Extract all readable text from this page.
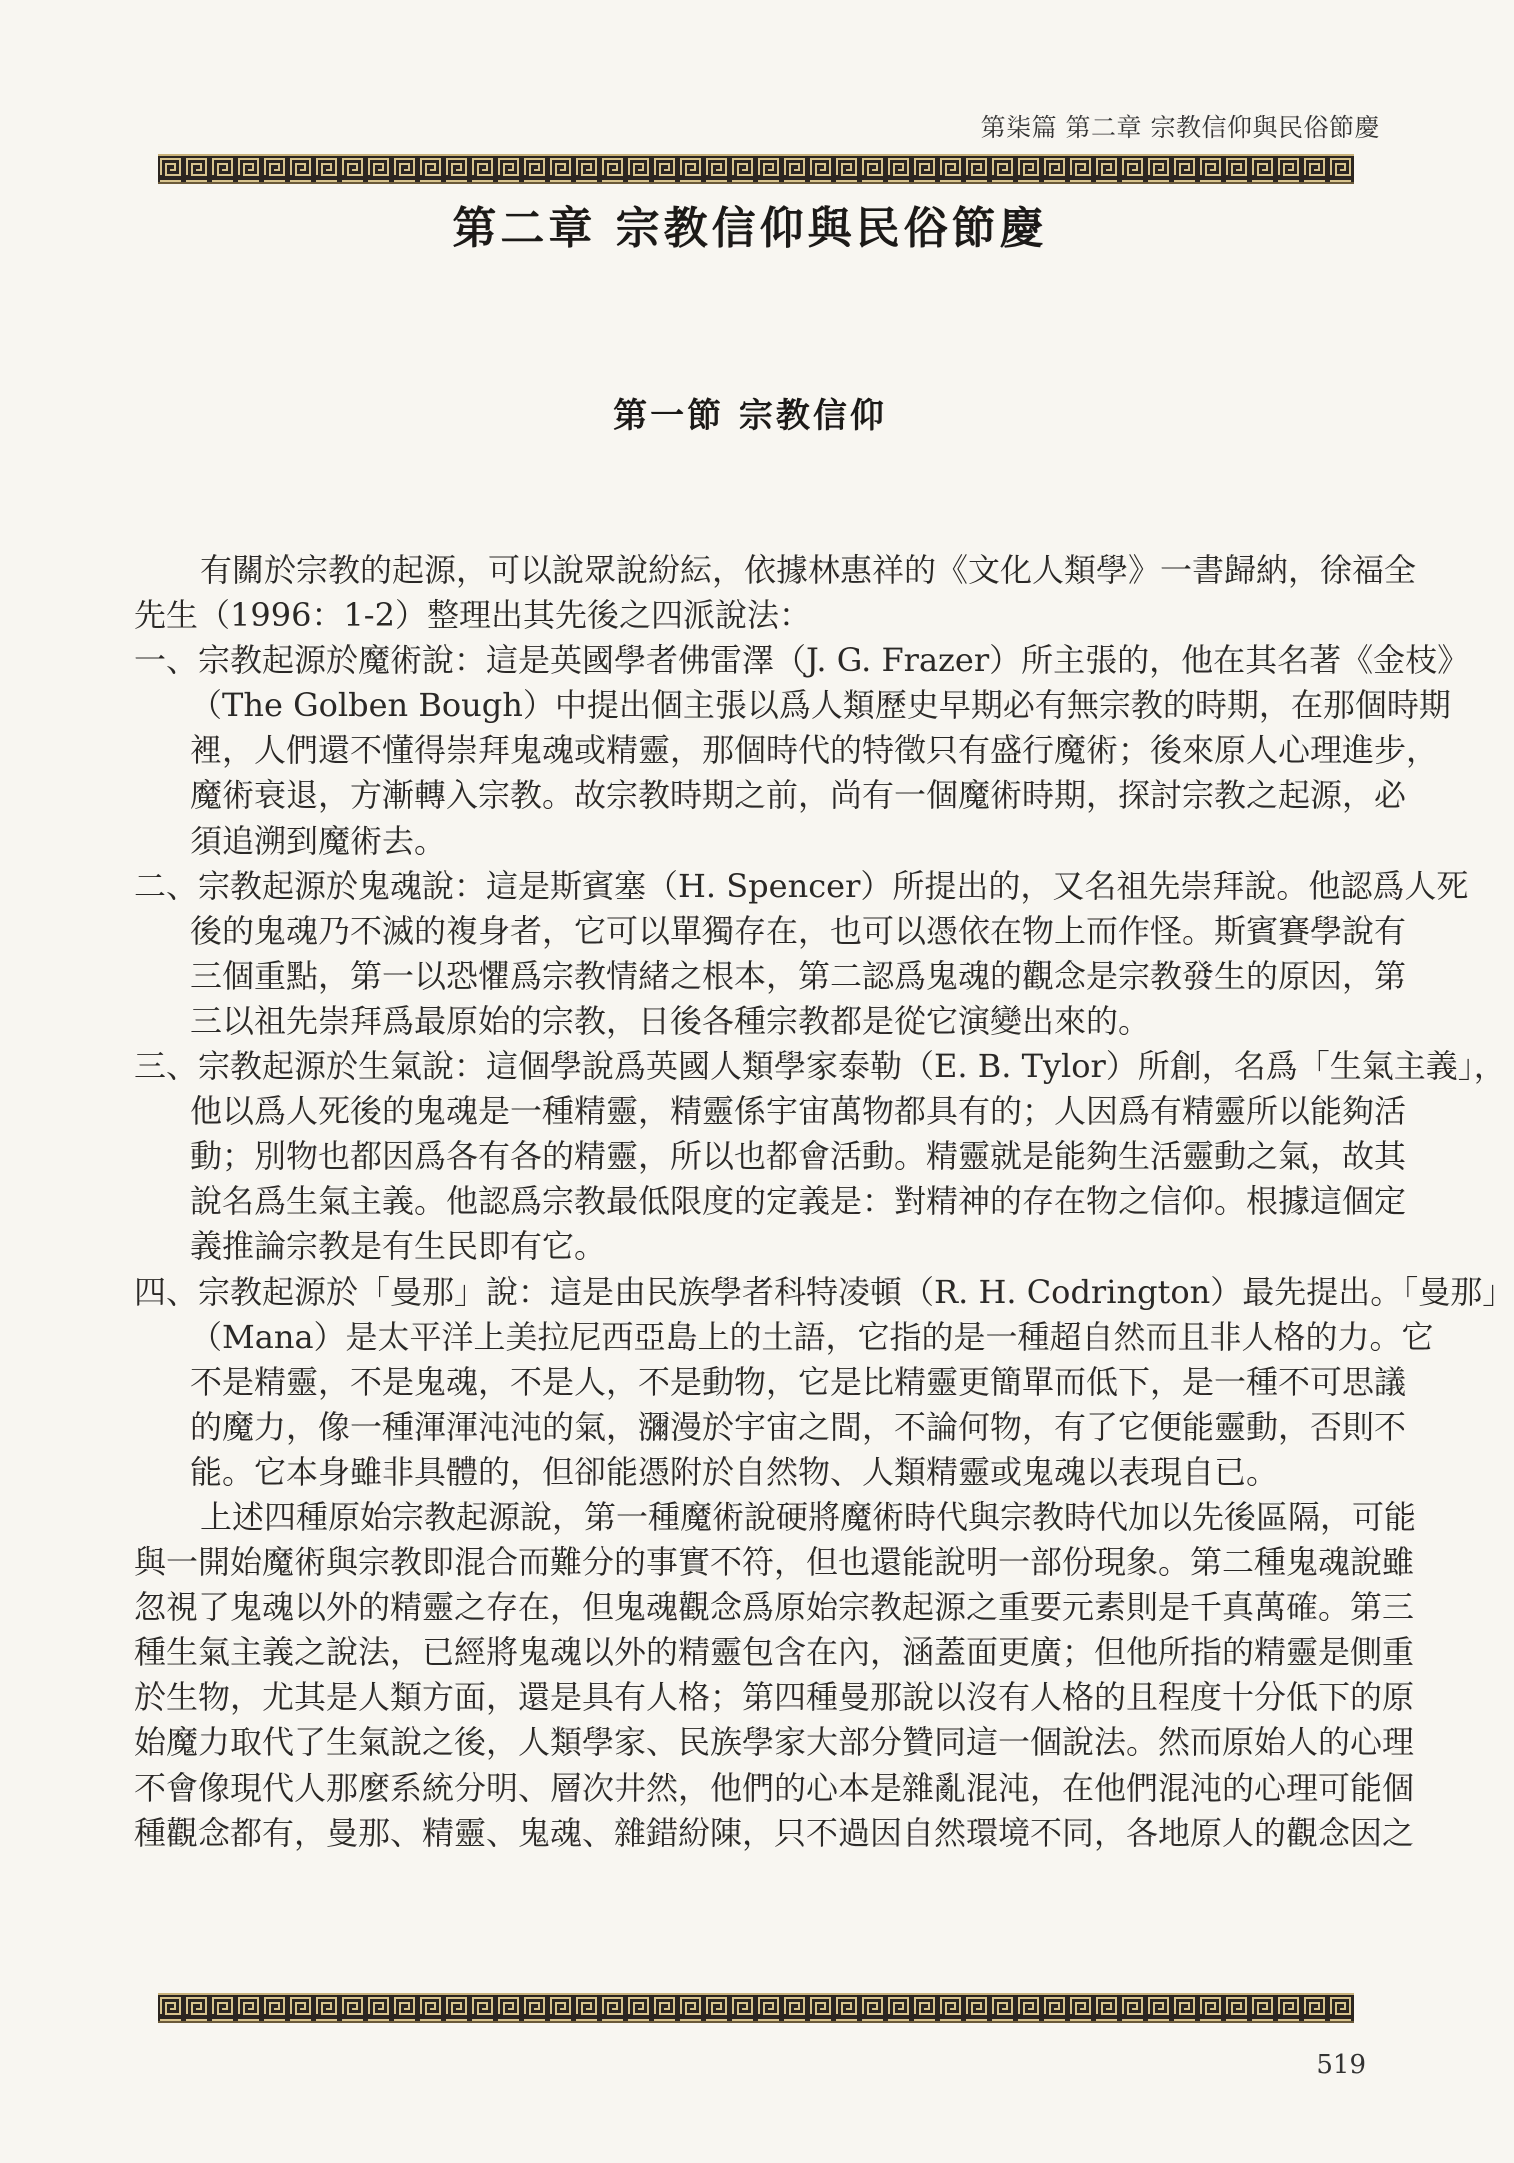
第柒篇 第二章 宗教信仰與民俗節慶
第二章 宗教信仰與民俗節慶
第一節 宗教信仰
有關於宗教的起源，可以說眾說紛紜，依據林惠祥的《文化人類學》一書歸納，徐福全
先生（1996：1-2）整理出其先後之四派說法：
一、宗教起源於魔術說：這是英國學者佛雷澤（J. G. Frazer）所主張的，他在其名著《金枝》
（The Golben Bough）中提出個主張以爲人類歷史早期必有無宗教的時期，在那個時期
裡，人們還不懂得崇拜鬼魂或精靈，那個時代的特徵只有盛行魔術；後來原人心理進步，
魔術衰退，方漸轉入宗教。故宗教時期之前，尚有一個魔術時期，探討宗教之起源，必
須追溯到魔術去。
二、宗教起源於鬼魂說：這是斯賓塞（H. Spencer）所提出的，又名祖先崇拜說。他認爲人死
後的鬼魂乃不滅的複身者，它可以單獨存在，也可以憑依在物上而作怪。斯賓賽學說有
三個重點，第一以恐懼爲宗教情緒之根本，第二認爲鬼魂的觀念是宗教發生的原因，第
三以祖先崇拜爲最原始的宗教，日後各種宗教都是從它演變出來的。
三、宗教起源於生氣說：這個學說爲英國人類學家泰勒（E. B. Tylor）所創，名爲「生氣主義」，
他以爲人死後的鬼魂是一種精靈，精靈係宇宙萬物都具有的；人因爲有精靈所以能夠活
動；別物也都因爲各有各的精靈，所以也都會活動。精靈就是能夠生活靈動之氣，故其
說名爲生氣主義。他認爲宗教最低限度的定義是：對精神的存在物之信仰。根據這個定
義推論宗教是有生民即有它。
四、宗教起源於「曼那」說：這是由民族學者科特凌頓（R. H. Codrington）最先提出。「曼那」
（Mana）是太平洋上美拉尼西亞島上的土語，它指的是一種超自然而且非人格的力。它
不是精靈，不是鬼魂，不是人，不是動物，它是比精靈更簡單而低下，是一種不可思議
的魔力，像一種渾渾沌沌的氣，瀰漫於宇宙之間，不論何物，有了它便能靈動，否則不
能。它本身雖非具體的，但卻能憑附於自然物、人類精靈或鬼魂以表現自已。
上述四種原始宗教起源說，第一種魔術說硬將魔術時代與宗教時代加以先後區隔，可能
與一開始魔術與宗教即混合而難分的事實不符，但也還能說明一部份現象。第二種鬼魂說雖
忽視了鬼魂以外的精靈之存在，但鬼魂觀念爲原始宗教起源之重要元素則是千真萬確。第三
種生氣主義之說法，已經將鬼魂以外的精靈包含在內，涵蓋面更廣；但他所指的精靈是側重
於生物，尤其是人類方面，還是具有人格；第四種曼那說以沒有人格的且程度十分低下的原
始魔力取代了生氣說之後，人類學家、民族學家大部分贊同這一個說法。然而原始人的心理
不會像現代人那麼系統分明、層次井然，他們的心本是雜亂混沌，在他們混沌的心理可能個
種觀念都有，曼那、精靈、鬼魂、雜錯紛陳，只不過因自然環境不同，各地原人的觀念因之
519
